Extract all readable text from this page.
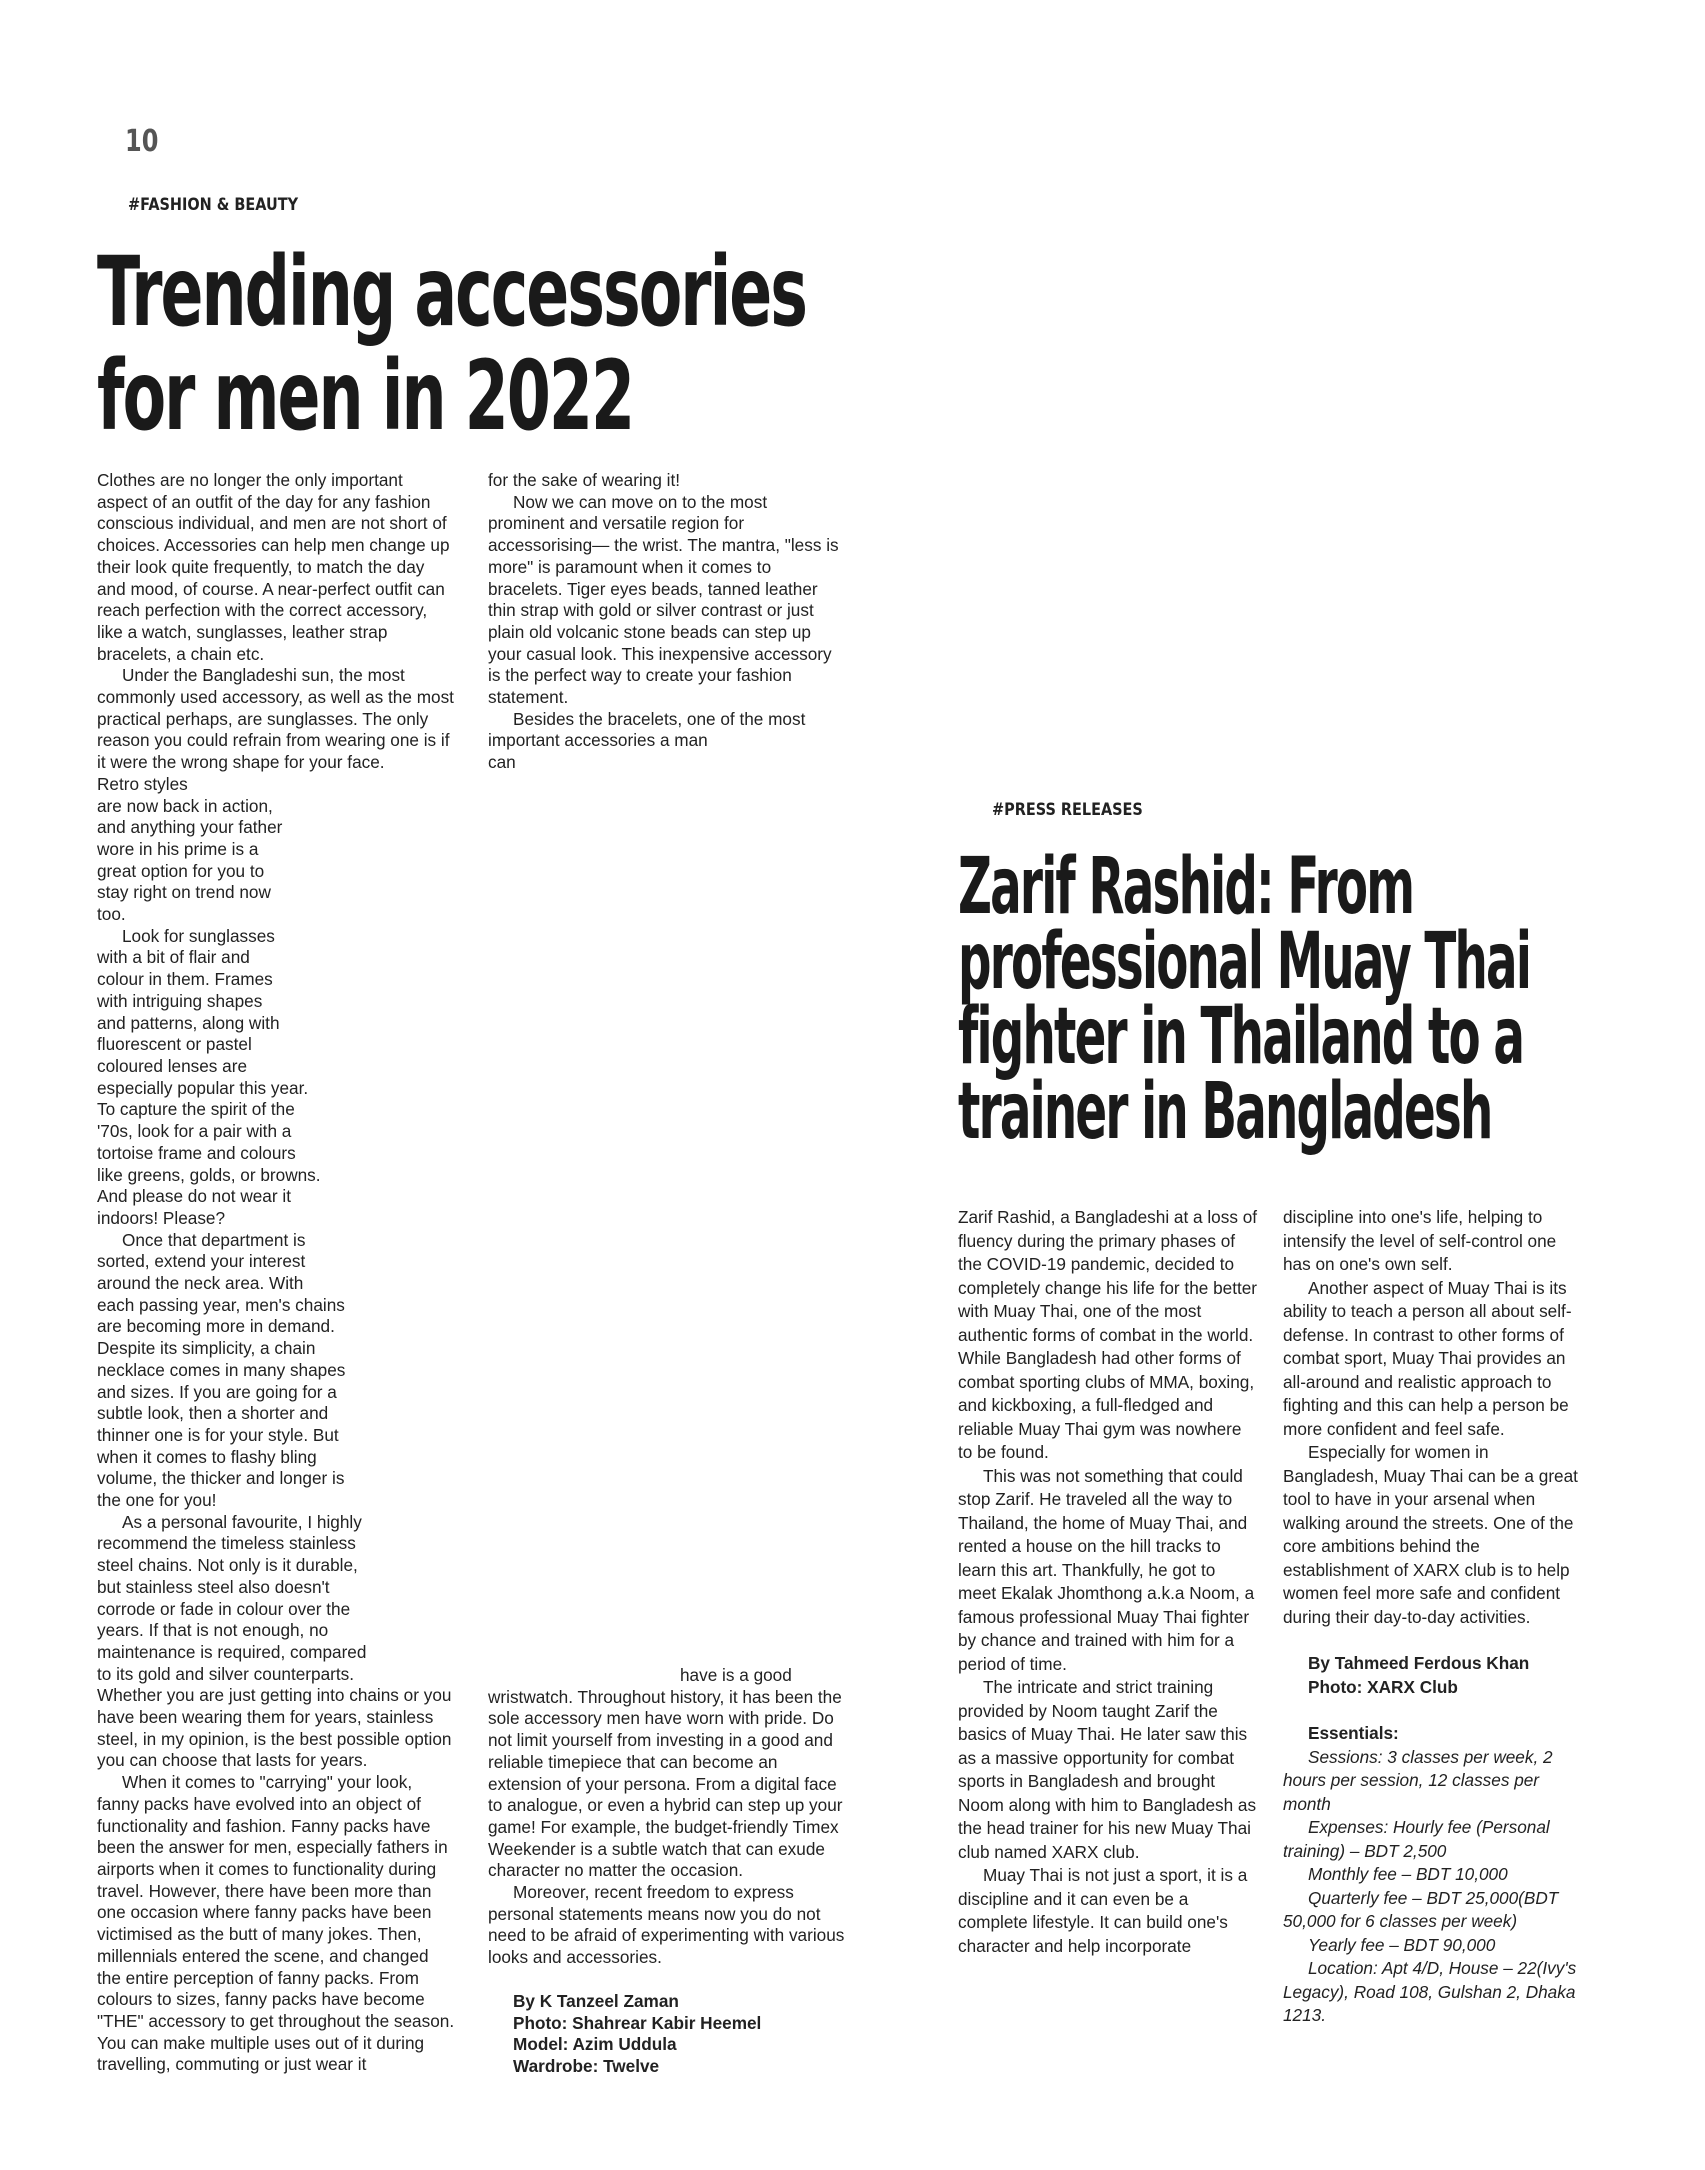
10
#FASHION & BEAUTY
Trending accessories
for men in 2022

Clothes are no longer the only important aspect of an outfit of the day for any fashion conscious individual, and men are not short of choices. Accessories can help men change up their look quite frequently, to match the day and mood, of course. A near-perfect outfit can reach perfection with the correct accessory, like a watch, sunglasses, leather strap bracelets, a chain etc.

Under the Bangladeshi sun, the most commonly used accessory, as well as the most practical perhaps, are sunglasses. The only reason you could refrain from wearing one is if it were the wrong shape for your face.

Retro styles
are now back in action,
and anything your father
wore in his prime is a
great option for you to
stay right on trend now
too.
Look for sunglasses
with a bit of flair and
colour in them. Frames
with intriguing shapes
and patterns, along with
fluorescent or pastel
coloured lenses are
especially popular this year.
To capture the spirit of the
'70s, look for a pair with a
tortoise frame and colours
like greens, golds, or browns.
And please do not wear it
indoors! Please?
Once that department is
sorted, extend your interest
around the neck area. With
each passing year, men's chains
are becoming more in demand.
Despite its simplicity, a chain
necklace comes in many shapes
and sizes. If you are going for a
subtle look, then a shorter and
thinner one is for your style. But
when it comes to flashy bling
volume, the thicker and longer is
the one for you!
As a personal favourite, I highly
recommend the timeless stainless
steel chains. Not only is it durable,
but stainless steel also doesn't
corrode or fade in colour over the
years. If that is not enough, no
maintenance is required, compared
to its gold and silver counterparts.

Whether you are just getting into chains or you have been wearing them for years, stainless steel, in my opinion, is the best possible option you can choose that lasts for years.

When it comes to "carrying" your look, fanny packs have evolved into an object of functionality and fashion. Fanny packs have been the answer for men, especially fathers in airports when it comes to functionality during travel. However, there have been more than one occasion where fanny packs have been victimised as the butt of many jokes. Then, millennials entered the scene, and changed the entire perception of fanny packs. From colours to sizes, fanny packs have become "THE" accessory to get throughout the season. You can make multiple uses out of it during travelling, commuting or just wear it

for the sake of wearing it!

Now we can move on to the most prominent and versatile region for accessorising— the wrist. The mantra, "less is more" is paramount when it comes to bracelets. Tiger eyes beads, tanned leather thin strap with gold or silver contrast or just plain old volcanic stone beads can step up your casual look. This inexpensive accessory is the perfect way to create your fashion statement.

Besides the bracelets, one of the most important accessories a man

can

have is a good

wristwatch. Throughout history, it has been the sole accessory men have worn with pride. Do not limit yourself from investing in a good and reliable timepiece that can become an extension of your persona. From a digital face to analogue, or even a hybrid can step up your game! For example, the budget-friendly Timex Weekender is a subtle watch that can exude character no matter the occasion.

Moreover, recent freedom to express personal statements means now you do not need to be afraid of experimenting with various looks and accessories.

By K Tanzeel Zaman

Photo: Shahrear Kabir Heemel

Model: Azim Uddula

Wardrobe: Twelve

#PRESS RELEASES
Zarif Rashid: From
professional Muay Thai
fighter in Thailand to a
trainer in Bangladesh

Zarif Rashid, a Bangladeshi at a loss of fluency during the primary phases of the COVID-19 pandemic, decided to completely change his life for the better with Muay Thai, one of the most authentic forms of combat in the world. While Bangladesh had other forms of combat sporting clubs of MMA, boxing, and kickboxing, a full-fledged and reliable Muay Thai gym was nowhere to be found.

This was not something that could stop Zarif. He traveled all the way to Thailand, the home of Muay Thai, and rented a house on the hill tracks to learn this art. Thankfully, he got to meet Ekalak Jhomthong a.k.a Noom, a famous professional Muay Thai fighter by chance and trained with him for a period of time.

The intricate and strict training provided by Noom taught Zarif the basics of Muay Thai. He later saw this as a massive opportunity for combat sports in Bangladesh and brought Noom along with him to Bangladesh as the head trainer for his new Muay Thai club named XARX club.

Muay Thai is not just a sport, it is a discipline and it can even be a complete lifestyle. It can build one's character and help incorporate

discipline into one's life, helping to intensify the level of self-control one has on one's own self.

Another aspect of Muay Thai is its ability to teach a person all about self-defense. In contrast to other forms of combat sport, Muay Thai provides an all-around and realistic approach to fighting and this can help a person be more confident and feel safe.

Especially for women in Bangladesh, Muay Thai can be a great tool to have in your arsenal when walking around the streets. One of the core ambitions behind the establishment of XARX club is to help women feel more safe and confident during their day-to-day activities.

By Tahmeed Ferdous Khan

Photo: XARX Club

Essentials:

Sessions: 3 classes per week, 2 hours per session, 12 classes per month

Expenses: Hourly fee (Personal training) – BDT 2,500

Monthly fee – BDT 10,000

Quarterly fee – BDT 25,000(BDT 50,000 for 6 classes per week)

Yearly fee – BDT 90,000

Location: Apt 4/D, House – 22(Ivy's Legacy), Road 108, Gulshan 2, Dhaka 1213.
